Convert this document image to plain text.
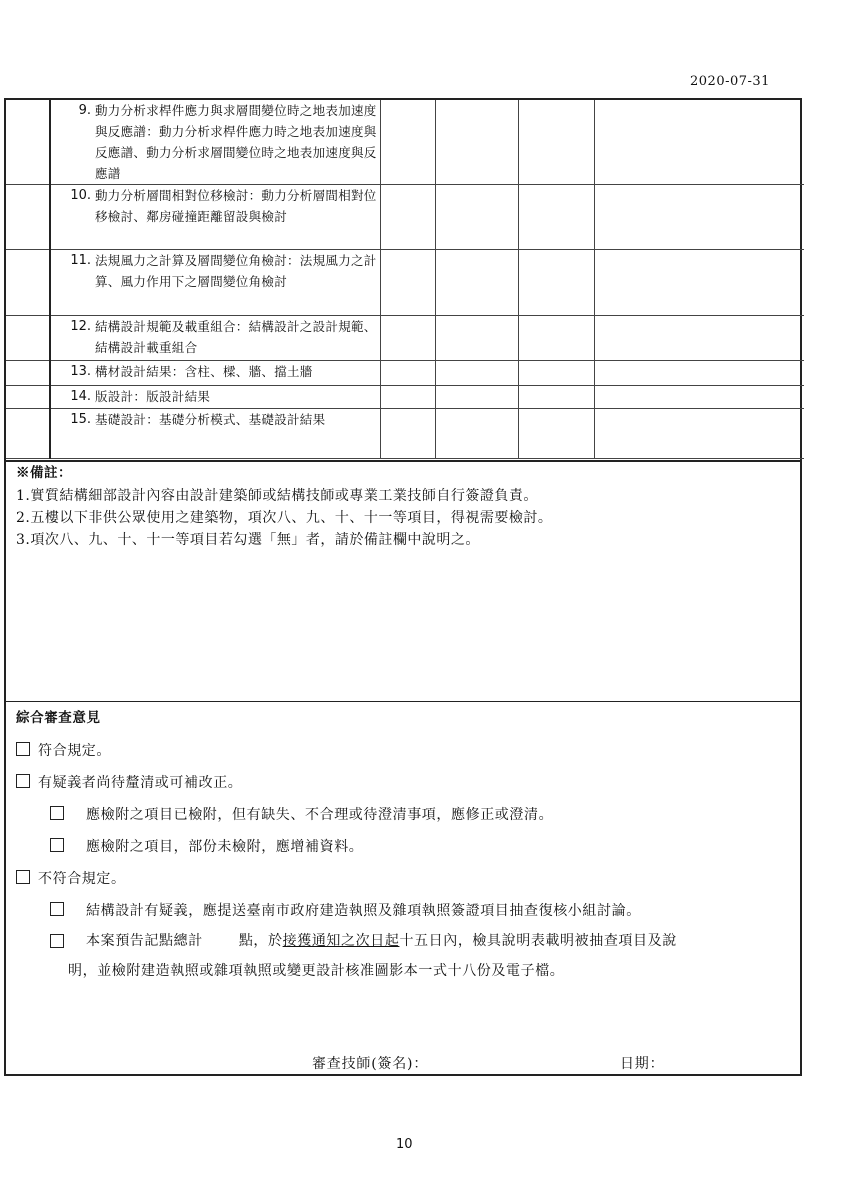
2020-07-31

	9. 動力分析求桿件應力與求層間變位時之地表加速度與反應譜：動力分析求桿件應力時之地表加速度與反應譜、動力分析求層間變位時之地表加速度與反應譜				

	10. 動力分析層間相對位移檢討：動力分析層間相對位移檢討、鄰房碰撞距離留設與檢討				

	11. 法規風力之計算及層間變位角檢討：法規風力之計算、風力作用下之層間變位角檢討				

	12. 結構設計規範及載重組合：結構設計之設計規範、結構設計載重組合				

	13. 構材設計結果：含柱、樑、牆、擋土牆				

	14. 版設計：版設計結果				

	15. 基礎設計：基礎分析模式、基礎設計結果				

※備註：
1.實質結構細部設計內容由設計建築師或結構技師或專業工業技師自行簽證負責。
2.五樓以下非供公眾使用之建築物，項次八、九、十、十一等項目，得視需要檢討。
3.項次八、九、十、十一等項目若勾選「無」者，請於備註欄中說明之。
綜合審查意見
符合規定。
有疑義者尚待釐清或可補改正。
應檢附之項目已檢附，但有缺失、不合理或待澄清事項，應修正或澄清。
應檢附之項目，部份未檢附，應增補資料。
不符合規定。
結構設計有疑義，應提送臺南市政府建造執照及雜項執照簽證項目抽查復核小組討論。
本案預告記點總計	點，於接獲通知之次日起十五日內，檢具說明表載明被抽查項目及說
明，並檢附建造執照或雜項執照或變更設計核准圖影本一式十八份及電子檔。
審查技師(簽名)：	日期：
10
